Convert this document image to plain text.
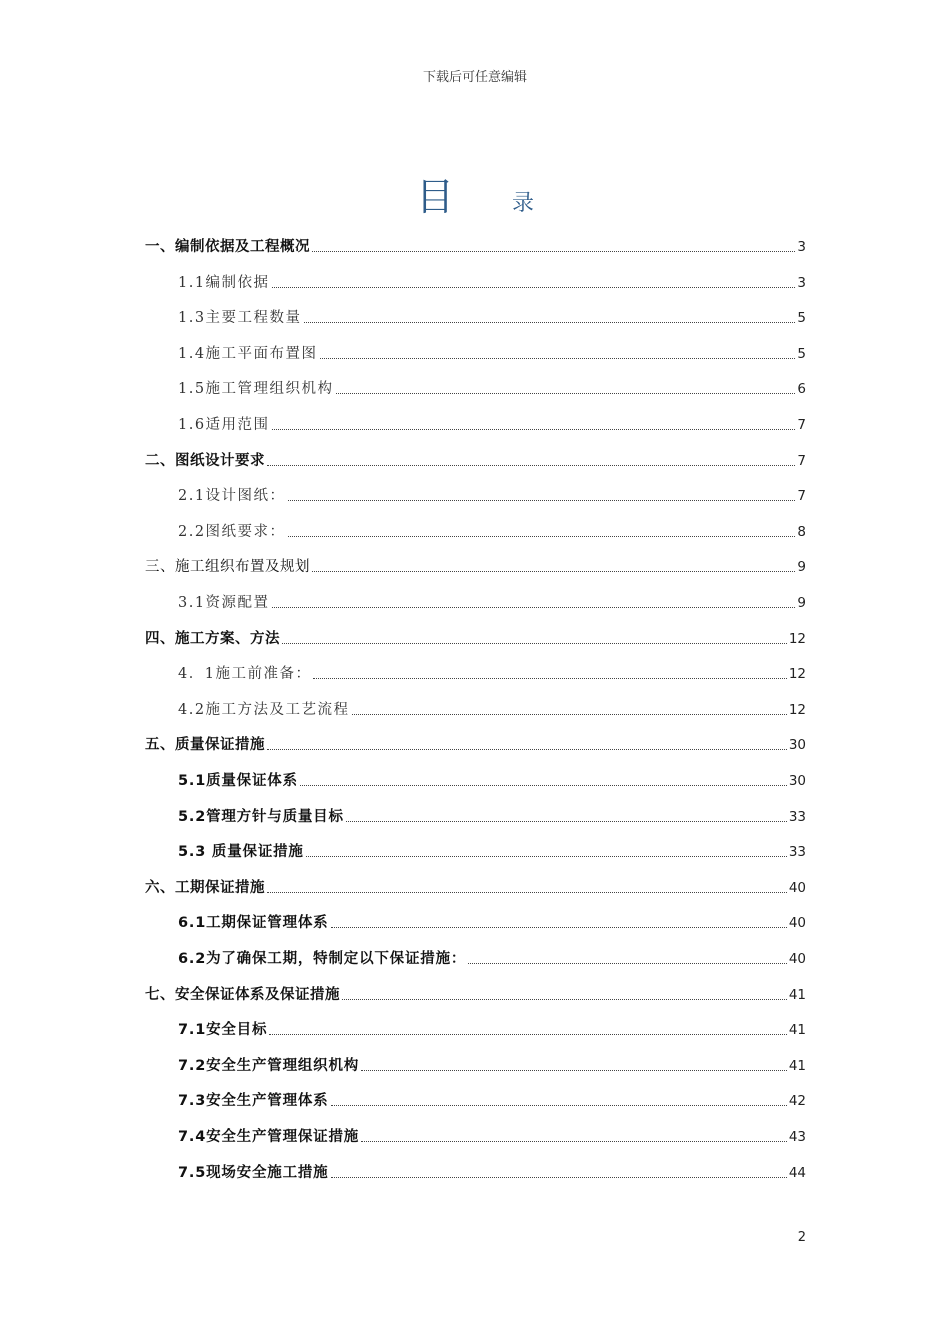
下载后可任意编辑
目	录
一、编制依据及工程概况	3
1.1编制依据	3
1.3主要工程数量	5
1.4施工平面布置图	5
1.5施工管理组织机构	6
1.6适用范围	7
二、图纸设计要求	7
2.1设计图纸：	7
2.2图纸要求：	8
三、施工组织布置及规划	9
3.1资源配置	9
四、施工方案、方法	12
4．1施工前准备：	12
4.2施工方法及工艺流程	12
五、质量保证措施	30
5.1质量保证体系	30
5.2管理方针与质量目标	33
5.3 质量保证措施	33
六、工期保证措施	40
6.1工期保证管理体系	40
6.2为了确保工期，特制定以下保证措施：	40
七、安全保证体系及保证措施	41
7.1安全目标	41
7.2安全生产管理组织机构	41
7.3安全生产管理体系	42
7.4安全生产管理保证措施	43
7.5现场安全施工措施	44
2
